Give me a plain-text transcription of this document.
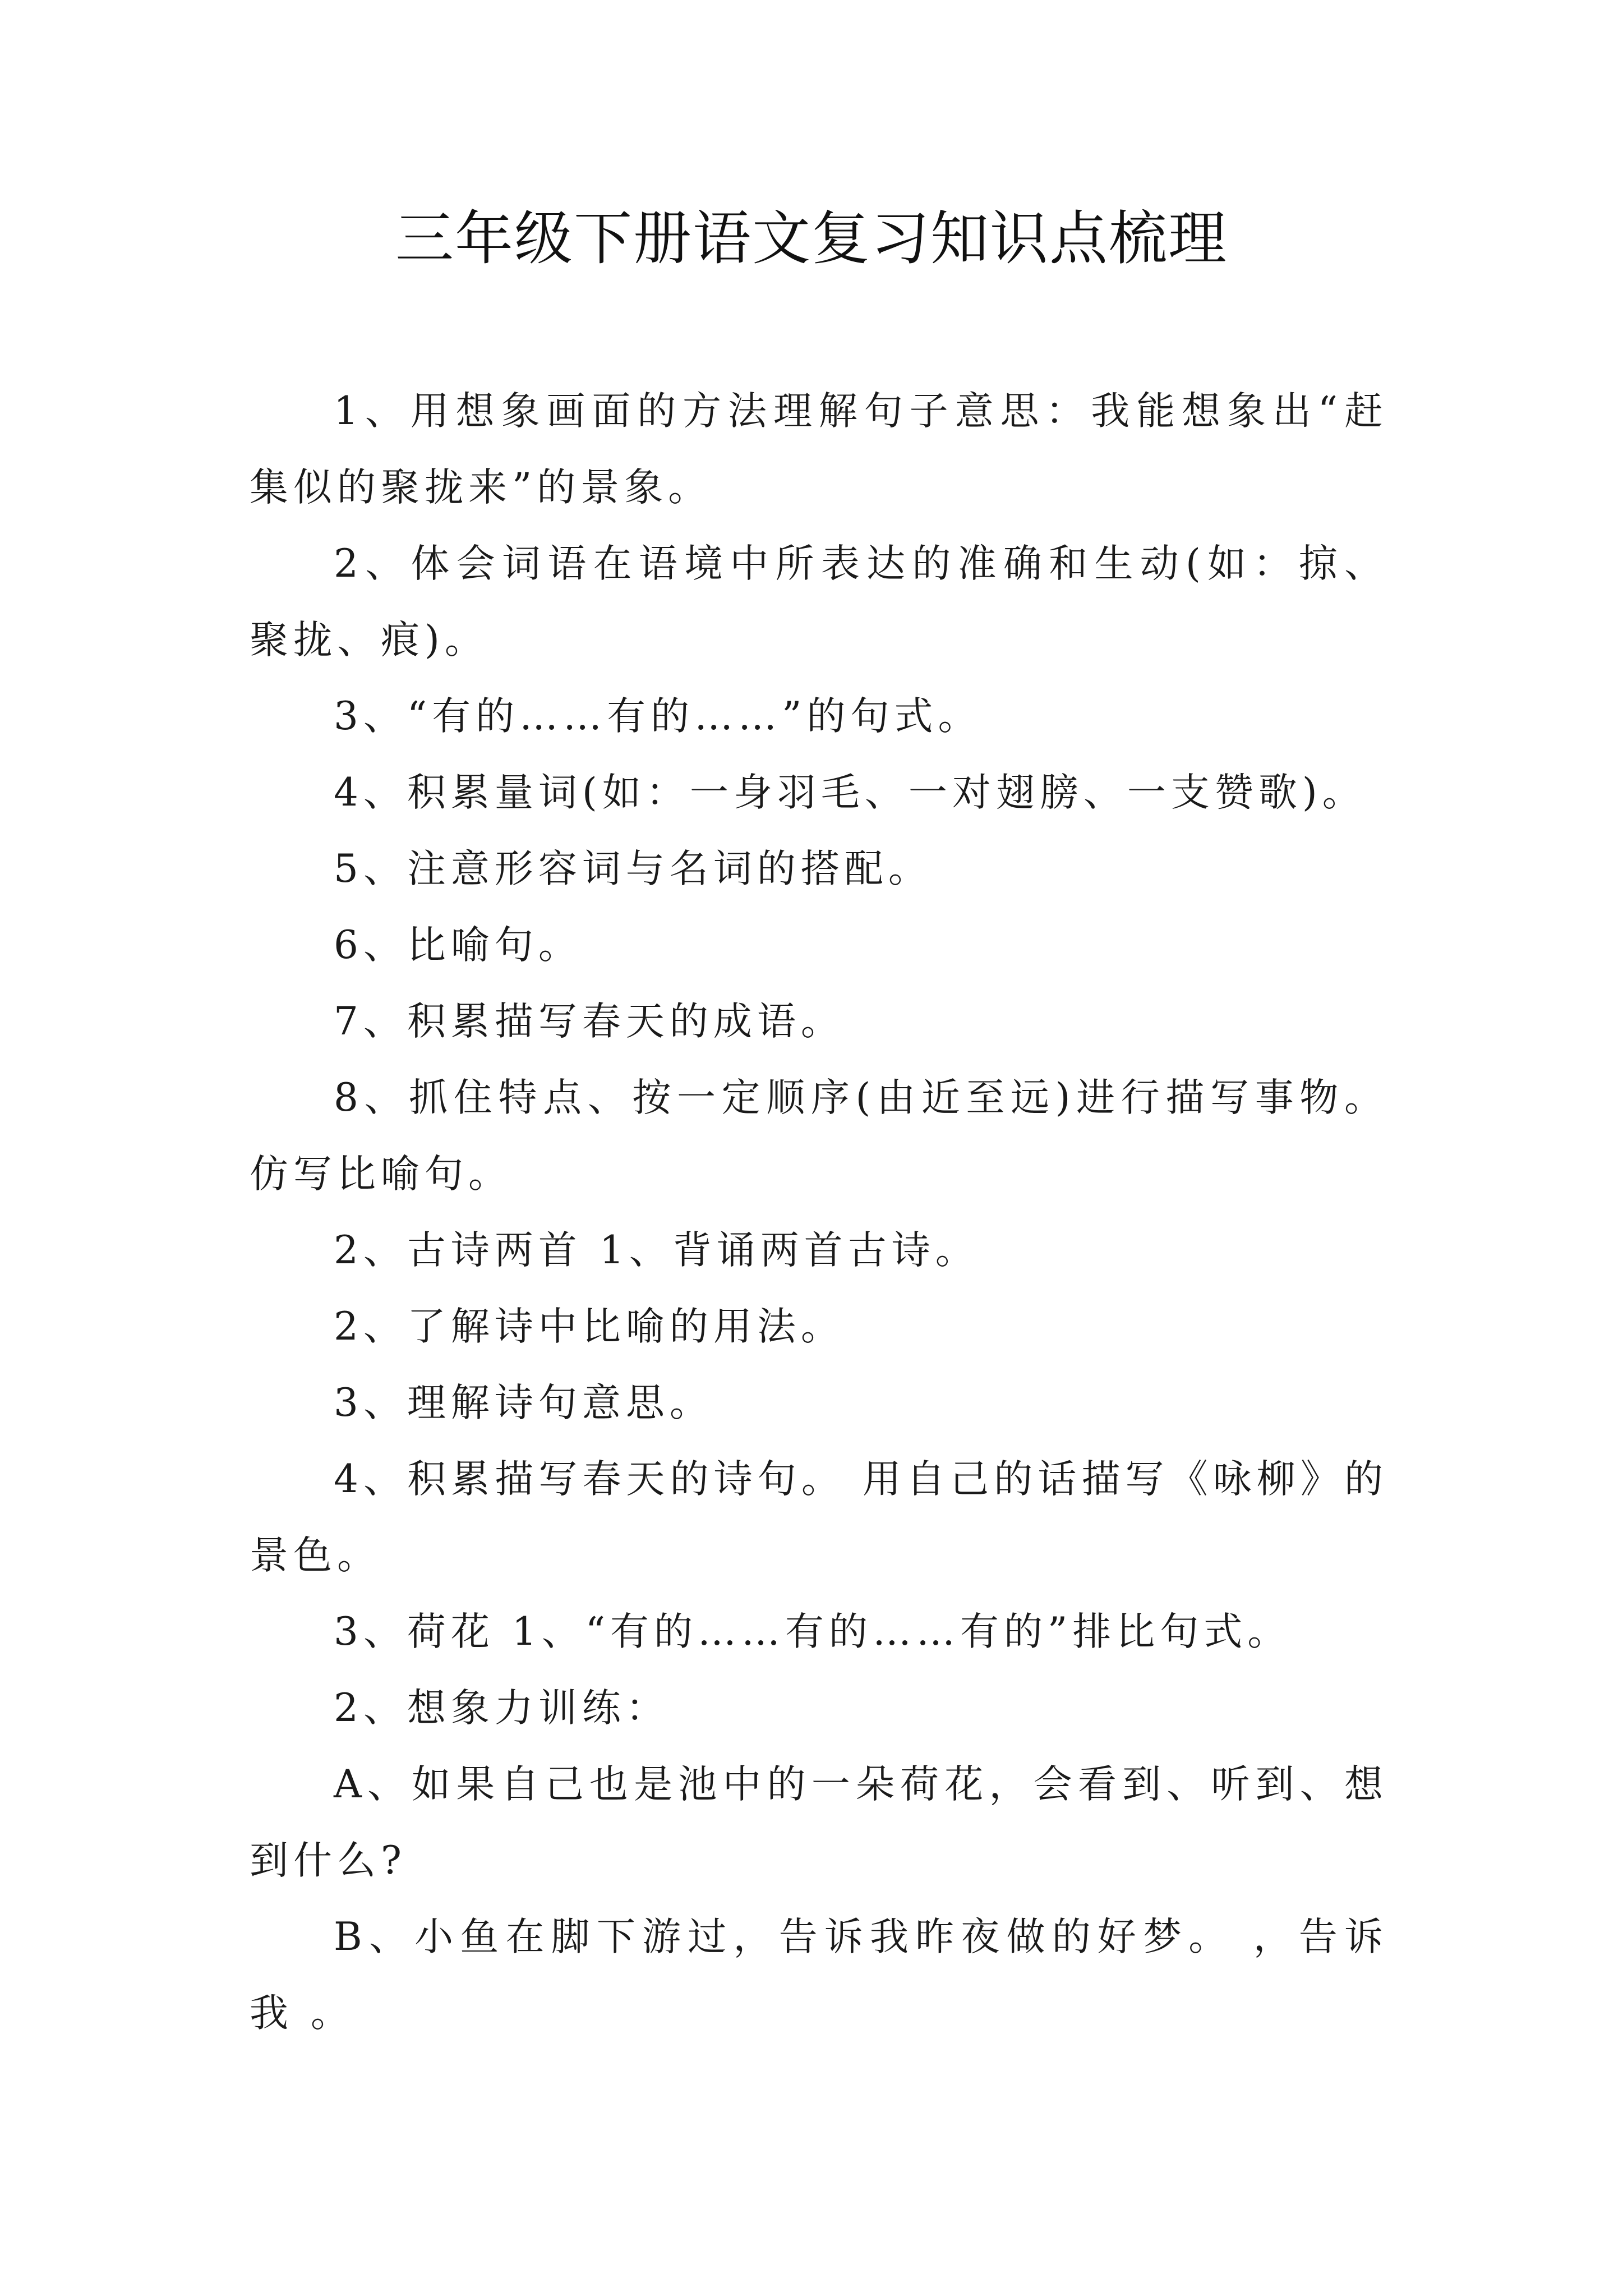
三年级下册语文复习知识点梳理

1、用想象画面的方法理解句子意思：我能想象出“赶集似的聚拢来”的景象。

2、体会词语在语境中所表达的准确和生动(如：掠、聚拢、痕)。

3、“有的……有的……”的句式。

4、积累量词(如：一身羽毛、一对翅膀、一支赞歌)。

5、注意形容词与名词的搭配。

6、比喻句。

7、积累描写春天的成语。

8、抓住特点、按一定顺序(由近至远)进行描写事物。仿写比喻句。

2、古诗两首 1、背诵两首古诗。

2、了解诗中比喻的用法。

3、理解诗句意思。

4、积累描写春天的诗句。 用自己的话描写《咏柳》的景色。

3、荷花 1、“有的……有的……有的”排比句式。

2、想象力训练：

A、如果自己也是池中的一朵荷花，会看到、听到、想到什么?

B、小鱼在脚下游过，告诉我昨夜做的好梦。 ，告诉我 。
